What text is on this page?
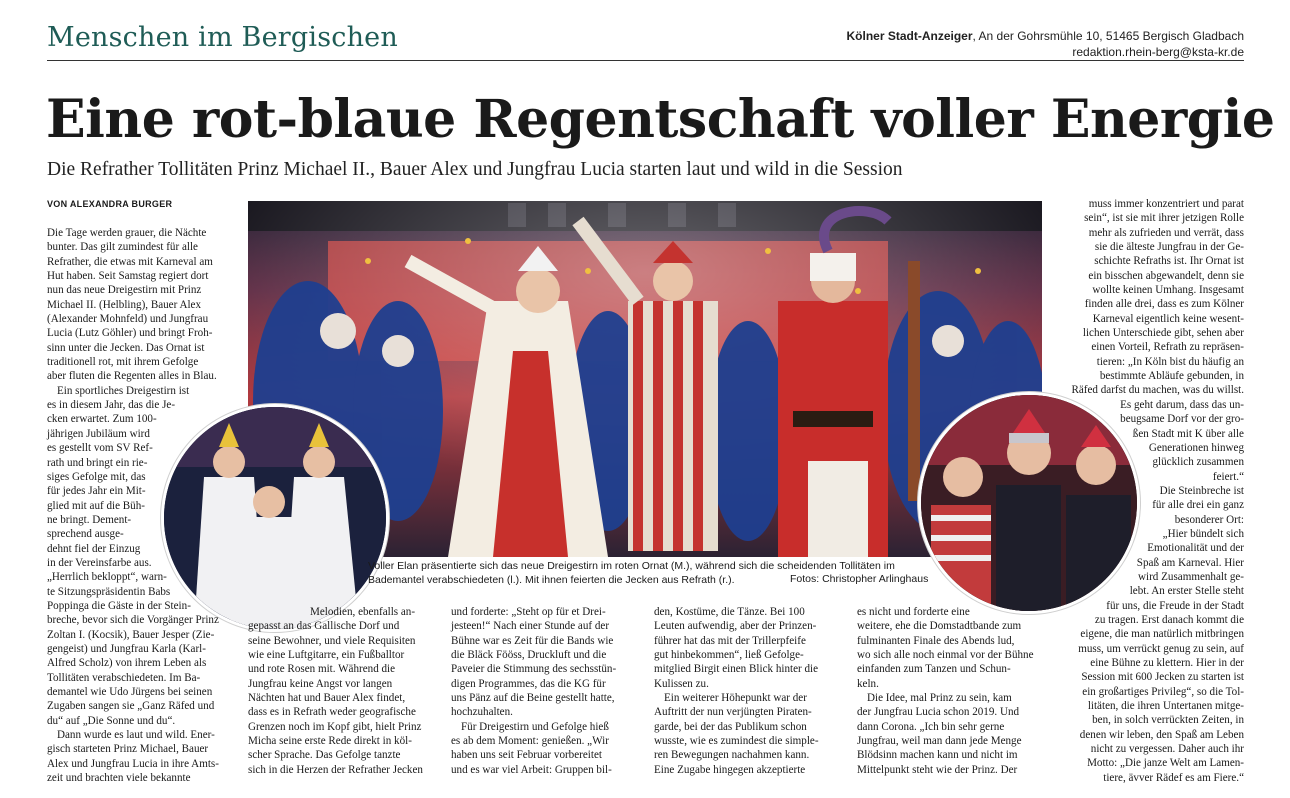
Menschen im Bergischen	Kölner Stadt-Anzeiger, An der Gohrsmühle 10, 51465 Bergisch Gladbach
redaktion.rhein-berg@ksta-kr.de
Eine rot-blaue Regentschaft voller Energie
Die Refrather Tollitäten Prinz Michael II., Bauer Alex und Jungfrau Lucia starten laut und wild in die Session
VON ALEXANDRA BURGER
Voller Elan präsentierte sich das neue Dreigestirn im roten Ornat (M.), während sich die scheidenden Tollitäten im
Bademantel verabschiedeten (l.). Mit ihnen feierten die Jecken aus Refrath (r.).	Fotos: Christopher Arlinghaus
Die Tage werden grauer, die Nächte
bunter. Das gilt zumindest für alle
Refrather, die etwas mit Karneval am
Hut haben. Seit Samstag regiert dort
nun das neue Dreigestirn mit Prinz
Michael II. (Helbling), Bauer Alex
(Alexander Mohnfeld) und Jungfrau
Lucia (Lutz Göhler) und bringt Froh-
sinn unter die Jecken. Das Ornat ist
traditionell rot, mit ihrem Gefolge
aber fluten die Regenten alles in Blau.
Ein sportliches Dreigestirn ist
es in diesem Jahr, das die Je-
cken erwartet. Zum 100-
jährigen Jubiläum wird
es gestellt vom SV Ref-
rath und bringt ein rie-
siges Gefolge mit, das
für jedes Jahr ein Mit-
glied mit auf die Büh-
ne bringt. Dement-
sprechend ausge-
dehnt fiel der Einzug
in der Vereinsfarbe aus.
„Herrlich bekloppt“, warn-
te Sitzungspräsidentin Babs
Poppinga die Gäste in der Stein-
breche, bevor sich die Vorgänger Prinz
Zoltan I. (Kocsik), Bauer Jesper (Zie-
gengeist) und Jungfrau Karla (Karl-
Alfred Scholz) von ihrem Leben als
Tollitäten verabschiedeten. Im Ba-
demantel wie Udo Jürgens bei seinen
Zugaben sangen sie „Ganz Räfed und
du“ auf „Die Sonne und du“.
Dann wurde es laut und wild. Ener-
gisch starteten Prinz Michael, Bauer
Alex und Jungfrau Lucia in ihre Amts-
zeit und brachten viele bekannte
Melodien, ebenfalls an-
gepasst an das Gallische Dorf und
seine Bewohner, und viele Requisiten
wie eine Luftgitarre, ein Fußballtor
und rote Rosen mit. Während die
Jungfrau keine Angst vor langen
Nächten hat und Bauer Alex findet,
dass es in Refrath weder geografische
Grenzen noch im Kopf gibt, hielt Prinz
Micha seine erste Rede direkt in köl-
scher Sprache. Das Gefolge tanzte
sich in die Herzen der Refrather Jecken
und forderte: „Steht op für et Drei-
jesteen!“ Nach einer Stunde auf der
Bühne war es Zeit für die Bands wie
die Bläck Fööss, Druckluft und die
Paveier die Stimmung des sechsstün-
digen Programmes, das die KG für
uns Pänz auf die Beine gestellt hatte,
hochzuhalten.
Für Dreigestirn und Gefolge hieß
es ab dem Moment: genießen. „Wir
haben uns seit Februar vorbereitet
und es war viel Arbeit: Gruppen bil-
den, Kostüme, die Tänze. Bei 100
Leuten aufwendig, aber der Prinzen-
führer hat das mit der Trillerpfeife
gut hinbekommen“, ließ Gefolge-
mitglied Birgit einen Blick hinter die
Kulissen zu.
Ein weiterer Höhepunkt war der
Auftritt der nun verjüngten Piraten-
garde, bei der das Publikum schon
wusste, wie es zumindest die simple-
ren Bewegungen nachahmen kann.
Eine Zugabe hingegen akzeptierte
es nicht und forderte eine
weitere, ehe die Domstadtbande zum
fulminanten Finale des Abends lud,
wo sich alle noch einmal vor der Bühne
einfanden zum Tanzen und Schun-
keln.
Die Idee, mal Prinz zu sein, kam
der Jungfrau Lucia schon 2019. Und
dann Corona. „Ich bin sehr gerne
Jungfrau, weil man dann jede Menge
Blödsinn machen kann und nicht im
Mittelpunkt steht wie der Prinz. Der
muss immer konzentriert und parat
sein“, ist sie mit ihrer jetzigen Rolle
mehr als zufrieden und verrät, dass
sie die älteste Jungfrau in der Ge-
schichte Refraths ist. Ihr Ornat ist
ein bisschen abgewandelt, denn sie
wollte keinen Umhang. Insgesamt
finden alle drei, dass es zum Kölner
Karneval eigentlich keine wesent-
lichen Unterschiede gibt, sehen aber
einen Vorteil, Refrath zu repräsen-
tieren: „In Köln bist du häufig an
bestimmte Abläufe gebunden, in
Räfed darfst du machen, was du willst.
Es geht darum, dass das un-
beugsame Dorf vor der gro-
ßen Stadt mit K über alle
Generationen hinweg
glücklich zusammen
feiert.“
Die Steinbreche ist
für alle drei ein ganz
besonderer Ort:
„Hier bündelt sich
Emotionalität und der
Spaß am Karneval. Hier
wird Zusammenhalt ge-
lebt. An erster Stelle steht
für uns, die Freude in der Stadt
zu tragen. Erst danach kommt die
eigene, die man natürlich mitbringen
muss, um verrückt genug zu sein, auf
eine Bühne zu klettern. Hier in der
Session mit 600 Jecken zu starten ist
ein großartiges Privileg“, so die Tol-
litäten, die ihren Untertanen mitge-
ben, in solch verrückten Zeiten, in
denen wir leben, den Spaß am Leben
nicht zu vergessen. Daher auch ihr
Motto: „Die janze Welt am Lamen-
tiere, ävver Rädef es am Fiere.“
